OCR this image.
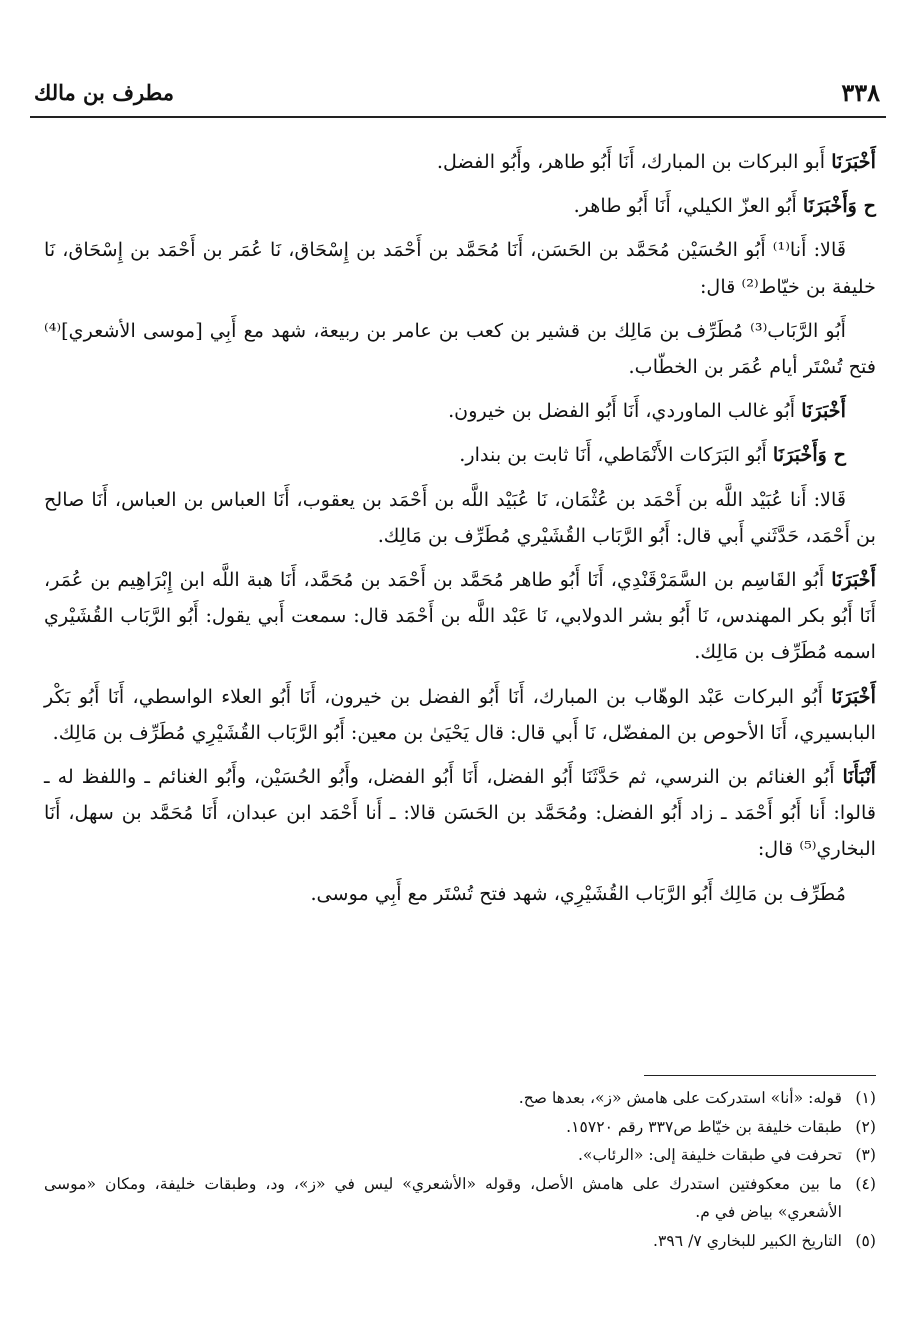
٣٣٨
مطرف بن مالك

أَخْبَرَنَا أَبو البركات بن المبارك، أَنَا أَبُو طاهر، وأَبُو الفضل.

ح وَأَخْبَرَنَا أَبُو العزّ الكيلي، أَنَا أَبُو طاهر.

قَالا: أَنا⁽¹⁾ أَبُو الحُسَيْن مُحَمَّد بن الحَسَن، أَنَا مُحَمَّد بن أَحْمَد بن إِسْحَاق، نَا عُمَر بن أَحْمَد بن إِسْحَاق، نَا خليفة بن خيّاط⁽²⁾ قال:

أَبُو الرَّبَاب⁽³⁾ مُطَرِّف بن مَالِك بن قشير بن كعب بن عامر بن ربيعة، شهد مع أَبِي [موسى الأشعري]⁽⁴⁾ فتح تُسْتَر أيام عُمَر بن الخطّاب.

أَخْبَرَنَا أَبُو غالب الماوردي، أَنَا أَبُو الفضل بن خيرون.

ح وَأَخْبَرَنَا أَبُو البَرَكات الأَنْمَاطي، أَنَا ثابت بن بندار.

قَالا: أَنا عُبَيْد اللَّه بن أَحْمَد بن عُثْمَان، نَا عُبَيْد اللَّه بن أَحْمَد بن يعقوب، أَنَا العباس بن العباس، أَنَا صالح بن أَحْمَد، حَدَّثَني أَبي قال: أَبُو الرَّبَاب القُشَيْري مُطَرِّف بن مَالِك.

أَخْبَرَنَا أَبُو القَاسِم بن السَّمَرْقَنْدِي، أَنَا أَبُو طاهر مُحَمَّد بن أَحْمَد بن مُحَمَّد، أَنَا هبة اللَّه ابن إِبْرَاهِيم بن عُمَر، أَنَا أَبُو بكر المهندس، نَا أَبُو بشر الدولابي، نَا عَبْد اللَّه بن أَحْمَد قال: سمعت أَبي يقول: أَبُو الرَّبَاب القُشَيْري اسمه مُطَرِّف بن مَالِك.

أَخْبَرَنَا أَبُو البركات عَبْد الوهّاب بن المبارك، أَنَا أَبُو الفضل بن خيرون، أَنَا أَبُو العلاء الواسطي، أَنَا أَبُو بَكْر البابسيري، أَنَا الأحوص بن المفضّل، نَا أَبي قال: قال يَحْيَىٰ بن معين: أَبُو الرَّبَاب القُشَيْرِي مُطَرِّف بن مَالِك.

أَنْبَأَنَا أَبُو الغنائم بن النرسي، ثم حَدَّثَنَا أَبُو الفضل، أَنَا أَبُو الفضل، وأَبُو الحُسَيْن، وأَبُو الغنائم ـ واللفظ له ـ قالوا: أَنا أَبُو أَحْمَد ـ زاد أَبُو الفضل: ومُحَمَّد بن الحَسَن قالا: ـ أَنا أَحْمَد ابن عبدان، أَنَا مُحَمَّد بن سهل، أَنَا البخاري⁽⁵⁾ قال:

مُطَرِّف بن مَالِك أَبُو الرَّبَاب القُشَيْرِي، شهد فتح تُسْتَر مع أَبِي موسى.

(١)
قوله: «أنا» استدركت على هامش «ز»، بعدها صح.
(٢)
طبقات خليفة بن خيّاط ص٣٣٧ رقم ١٥٧٢٠.
(٣)
تحرفت في طبقات خليفة إلى: «الرئاب».
(٤)
ما بين معكوفتين استدرك على هامش الأصل، وقوله «الأشعري» ليس في «ز»، ود، وطبقات خليفة، ومكان «موسى الأشعري» بياض في م.
(٥)
التاريخ الكبير للبخاري ٧/ ٣٩٦.
